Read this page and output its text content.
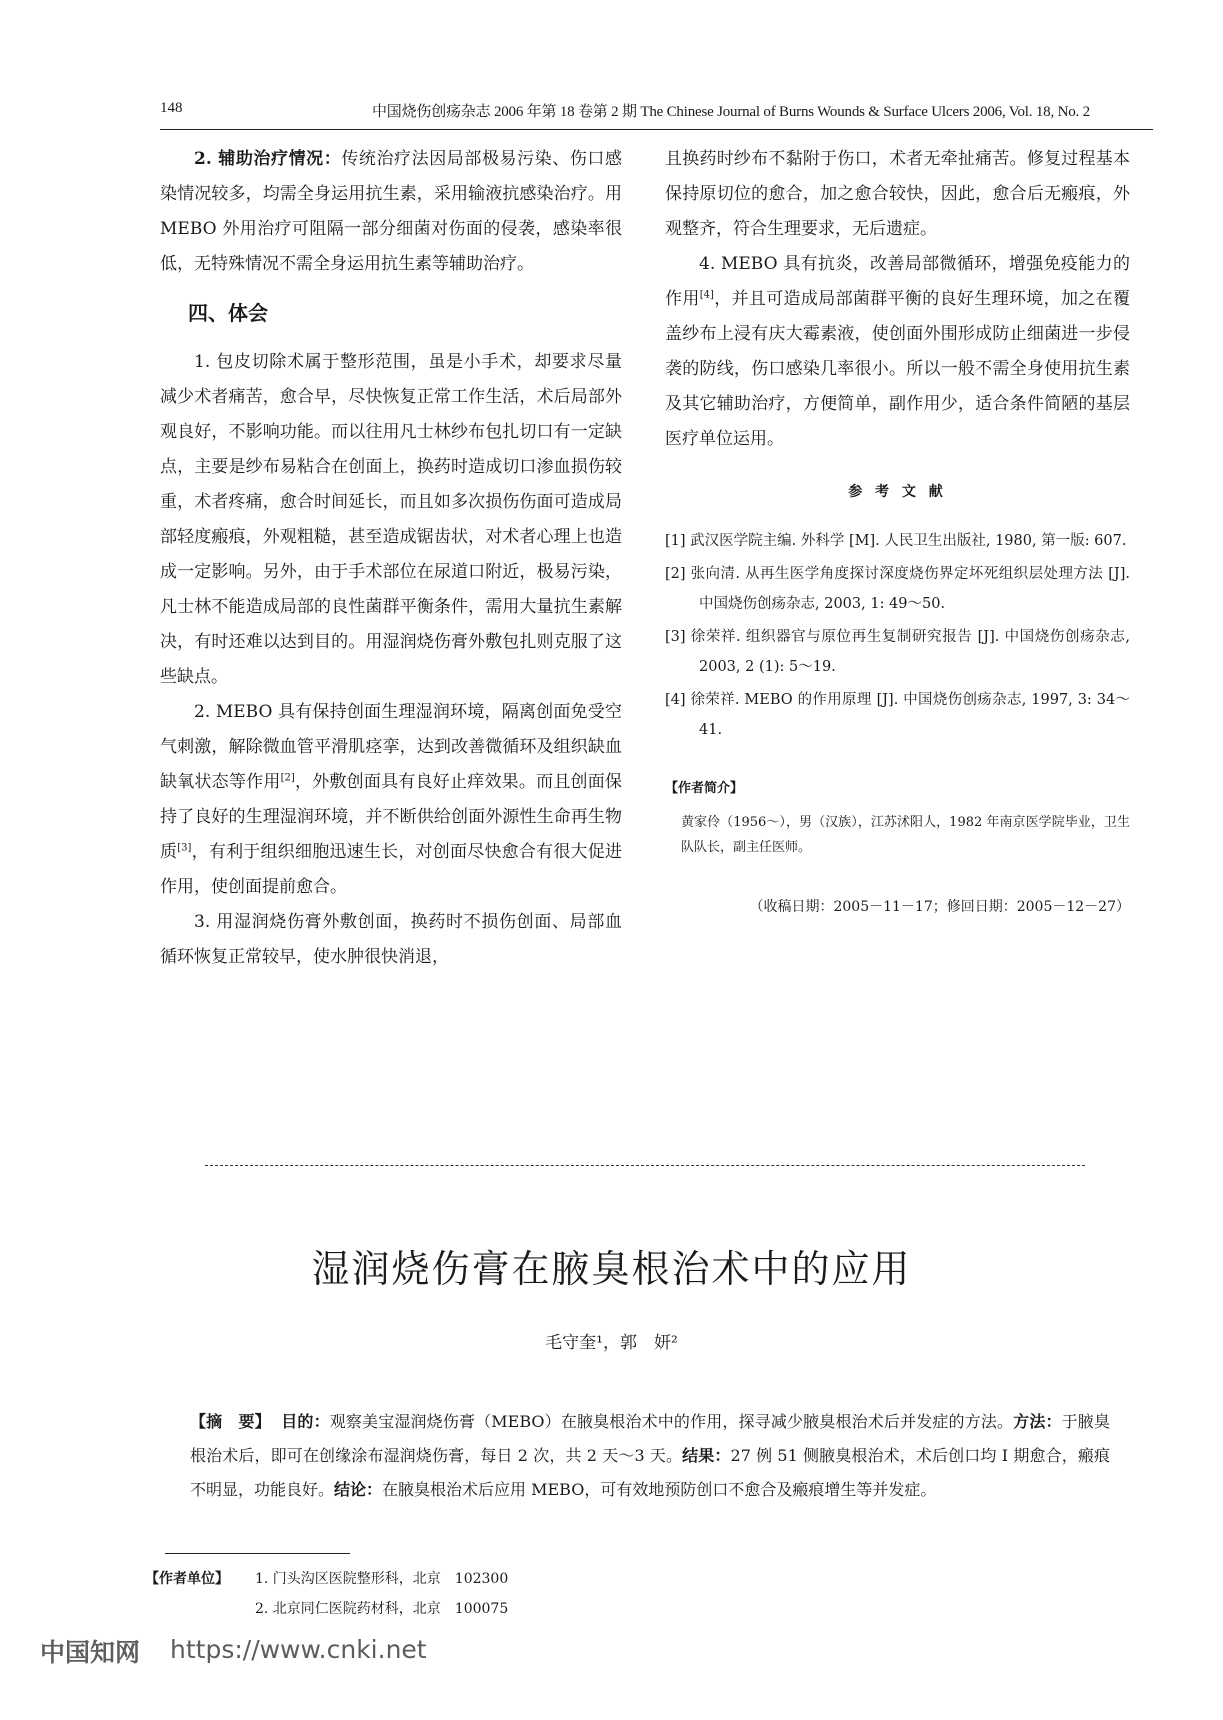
148	中国烧伤创疡杂志 2006 年第 18 卷第 2 期 The Chinese Journal of Burns Wounds & Surface Ulcers 2006, Vol. 18, No. 2

2. 辅助治疗情况：传统治疗法因局部极易污染、伤口感染情况较多，均需全身运用抗生素，采用输液抗感染治疗。用 MEBO 外用治疗可阻隔一部分细菌对伤面的侵袭，感染率很低，无特殊情况不需全身运用抗生素等辅助治疗。

四、体会

1. 包皮切除术属于整形范围，虽是小手术，却要求尽量减少术者痛苦，愈合早，尽快恢复正常工作生活，术后局部外观良好，不影响功能。而以往用凡士林纱布包扎切口有一定缺点，主要是纱布易粘合在创面上，换药时造成切口渗血损伤较重，术者疼痛，愈合时间延长，而且如多次损伤伤面可造成局部轻度瘢痕，外观粗糙，甚至造成锯齿状，对术者心理上也造成一定影响。另外，由于手术部位在尿道口附近，极易污染，凡士林不能造成局部的良性菌群平衡条件，需用大量抗生素解决，有时还难以达到目的。用湿润烧伤膏外敷包扎则克服了这些缺点。

2. MEBO 具有保持创面生理湿润环境，隔离创面免受空气刺激，解除微血管平滑肌痉挛，达到改善微循环及组织缺血缺氧状态等作用[2]，外敷创面具有良好止痒效果。而且创面保持了良好的生理湿润环境，并不断供给创面外源性生命再生物质[3]，有利于组织细胞迅速生长，对创面尽快愈合有很大促进作用，使创面提前愈合。

3. 用湿润烧伤膏外敷创面，换药时不损伤创面、局部血循环恢复正常较早，使水肿很快消退，

且换药时纱布不黏附于伤口，术者无牵扯痛苦。修复过程基本保持原切位的愈合，加之愈合较快，因此，愈合后无瘢痕，外观整齐，符合生理要求，无后遗症。

4. MEBO 具有抗炎，改善局部微循环，增强免疫能力的作用[4]，并且可造成局部菌群平衡的良好生理环境，加之在覆盖纱布上浸有庆大霉素液，使创面外围形成防止细菌进一步侵袭的防线，伤口感染几率很小。所以一般不需全身使用抗生素及其它辅助治疗，方便简单，副作用少，适合条件简陋的基层医疗单位运用。

参 考 文 献
[1] 武汉医学院主编. 外科学 [M]. 人民卫生出版社, 1980, 第一版: 607.
[2] 张向清. 从再生医学角度探讨深度烧伤界定坏死组织层处理方法 [J]. 中国烧伤创疡杂志, 2003, 1: 49～50.
[3] 徐荣祥. 组织器官与原位再生复制研究报告 [J]. 中国烧伤创疡杂志, 2003, 2 (1): 5～19.
[4] 徐荣祥. MEBO 的作用原理 [J]. 中国烧伤创疡杂志, 1997, 3: 34～41.
【作者简介】
黄家伶（1956～），男（汉族），江苏沭阳人，1982 年南京医学院毕业，卫生队队长，副主任医师。
（收稿日期：2005－11－17；修回日期：2005－12－27）
湿润烧伤膏在腋臭根治术中的应用
毛守奎¹，郭　妍²
【摘　要】 目的：观察美宝湿润烧伤膏（MEBO）在腋臭根治术中的作用，探寻减少腋臭根治术后并发症的方法。方法：于腋臭根治术后，即可在创缘涂布湿润烧伤膏，每日 2 次，共 2 天～3 天。结果：27 例 51 侧腋臭根治术，术后创口均 I 期愈合，瘢痕不明显，功能良好。结论：在腋臭根治术后应用 MEBO，可有效地预防创口不愈合及瘢痕增生等并发症。
【作者单位】 1. 门头沟区医院整形科，北京　102300
2. 北京同仁医院药材科，北京　100075
中国知网 https://www.cnki.net
